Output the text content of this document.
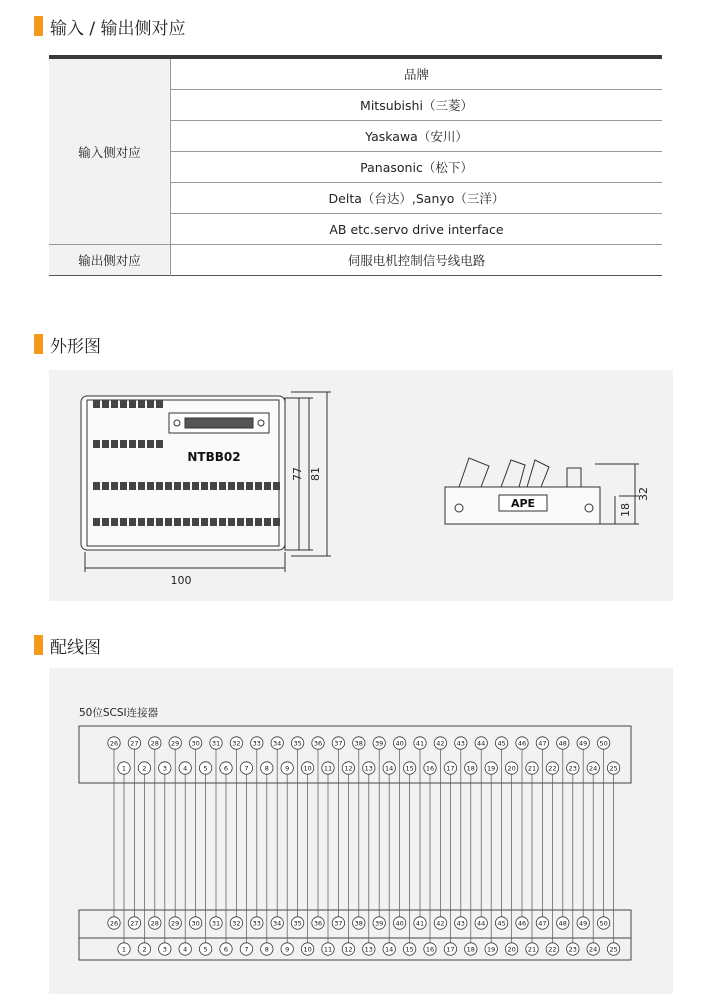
输入 / 输出侧对应
输入侧对应	品牌
	Mitsubishi（三菱）
	Yaskawa（安川）
	Panasonic（松下）
	Delta（台达）,Sanyo（三洋）
	AB etc.servo drive interface
输出侧对应	伺服电机控制信号线电路
外形图
NTBB02
100
77 81
32
18
APE
配线图
50位SCSI连接器
26
26
27
27
28
28
29
29
30
30
31
31
32
32
33
33
34
34
35
35
36
36
37
37
38
38
39
39
40
40
41
41
42
42
43
43
44
44
45
45
46
46
47
47
48
48
49
49
50
50
1
1
2
2
3
3
4
4
5
5
6
6
7
7
8
8
9
9
10
10
11
11
12
12
13
13
14
14
15
15
16
16
17
17
18
18
19
19
20
20
21
21
22
22
23
23
24
24
25
25
